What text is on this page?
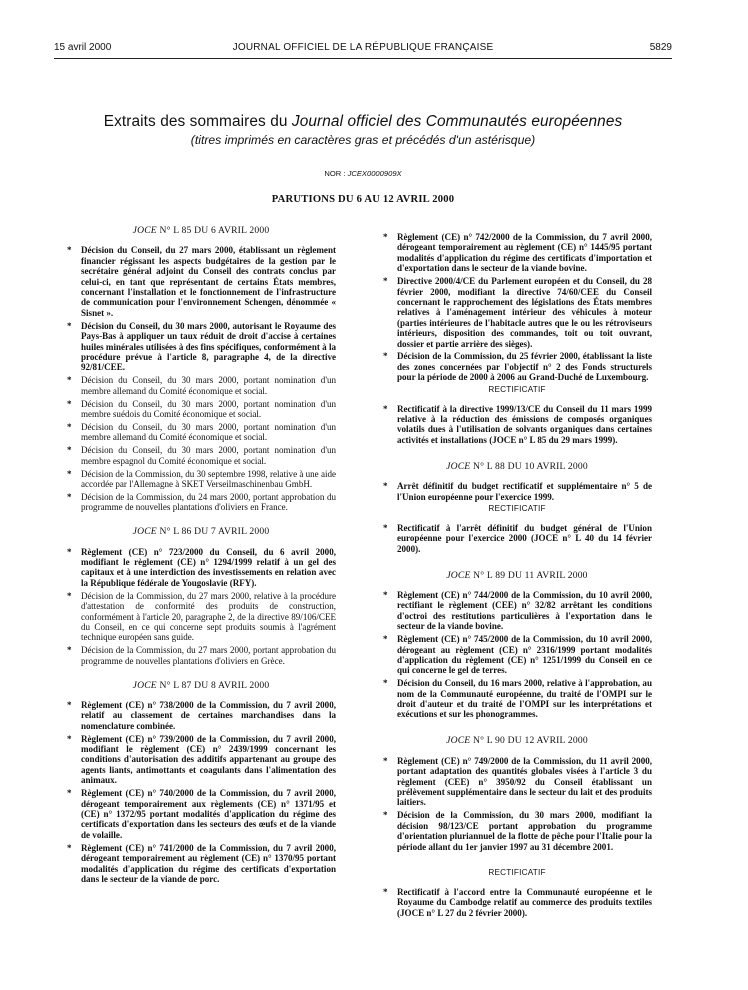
15 avril 2000	JOURNAL OFFICIEL DE LA RÉPUBLIQUE FRANÇAISE	5829
Extraits des sommaires du Journal officiel des Communautés européennes
(titres imprimés en caractères gras et précédés d'un astérisque)
NOR : JCEX0000909X
PARUTIONS DU 6 AU 12 AVRIL 2000
JOCE N° L 85 DU 6 AVRIL 2000
* Décision du Conseil, du 27 mars 2000, établissant un règlement financier régissant les aspects budgétaires de la gestion par le secrétaire général adjoint du Conseil des contrats conclus par celui-ci, en tant que représentant de certains États membres, concernant l'installation et le fonctionnement de l'infrastructure de communication pour l'environnement Schengen, dénommée « Sisnet ».
* Décision du Conseil, du 30 mars 2000, autorisant le Royaume des Pays-Bas à appliquer un taux réduit de droit d'accise à certaines huiles minérales utilisées à des fins spécifiques, conformément à la procédure prévue à l'article 8, paragraphe 4, de la directive 92/81/CEE.
* Décision du Conseil, du 30 mars 2000, portant nomination d'un membre allemand du Comité économique et social.
* Décision du Conseil, du 30 mars 2000, portant nomination d'un membre suédois du Comité économique et social.
* Décision du Conseil, du 30 mars 2000, portant nomination d'un membre allemand du Comité économique et social.
* Décision du Conseil, du 30 mars 2000, portant nomination d'un membre espagnol du Comité économique et social.
* Décision de la Commission, du 30 septembre 1998, relative à une aide accordée par l'Allemagne à SKET Verseilmaschinenbau GmbH.
* Décision de la Commission, du 24 mars 2000, portant approbation du programme de nouvelles plantations d'oliviers en France.
JOCE N° L 86 DU 7 AVRIL 2000
* Règlement (CE) n° 723/2000 du Conseil, du 6 avril 2000, modifiant le règlement (CE) n° 1294/1999 relatif à un gel des capitaux et à une interdiction des investissements en relation avec la République fédérale de Yougoslavie (RFY).
* Décision de la Commission, du 27 mars 2000, relative à la procédure d'attestation de conformité des produits de construction, conformément à l'article 20, paragraphe 2, de la directive 89/106/CEE du Conseil, en ce qui concerne sept produits soumis à l'agrément technique européen sans guide.
* Décision de la Commission, du 27 mars 2000, portant approbation du programme de nouvelles plantations d'oliviers en Grèce.
JOCE N° L 87 DU 8 AVRIL 2000
* Règlement (CE) n° 738/2000 de la Commission, du 7 avril 2000, relatif au classement de certaines marchandises dans la nomenclature combinée.
* Règlement (CE) n° 739/2000 de la Commission, du 7 avril 2000, modifiant le règlement (CE) n° 2439/1999 concernant les conditions d'autorisation des additifs appartenant au groupe des agents liants, antimottants et coagulants dans l'alimentation des animaux.
* Règlement (CE) n° 740/2000 de la Commission, du 7 avril 2000, dérogeant temporairement aux règlements (CE) n° 1371/95 et (CE) n° 1372/95 portant modalités d'application du régime des certificats d'exportation dans les secteurs des œufs et de la viande de volaille.
* Règlement (CE) n° 741/2000 de la Commission, du 7 avril 2000, dérogeant temporairement au règlement (CE) n° 1370/95 portant modalités d'application du régime des certificats d'exportation dans le secteur de la viande de porc.
* Règlement (CE) n° 742/2000 de la Commission, du 7 avril 2000, dérogeant temporairement au règlement (CE) n° 1445/95 portant modalités d'application du régime des certificats d'importation et d'exportation dans le secteur de la viande bovine.
* Directive 2000/4/CE du Parlement européen et du Conseil, du 28 février 2000, modifiant la directive 74/60/CEE du Conseil concernant le rapprochement des législations des États membres relatives à l'aménagement intérieur des véhicules à moteur (parties intérieures de l'habitacle autres que le ou les rétroviseurs intérieurs, disposition des commandes, toit ou toit ouvrant, dossier et partie arrière des sièges).
* Décision de la Commission, du 25 février 2000, établissant la liste des zones concernées par l'objectif n° 2 des Fonds structurels pour la période de 2000 à 2006 au Grand-Duché de Luxembourg.
RECTIFICATIF
* Rectificatif à la directive 1999/13/CE du Conseil du 11 mars 1999 relative à la réduction des émissions de composés organiques volatils dues à l'utilisation de solvants organiques dans certaines activités et installations (JOCE n° L 85 du 29 mars 1999).
JOCE N° L 88 DU 10 AVRIL 2000
* Arrêt définitif du budget rectificatif et supplémentaire n° 5 de l'Union européenne pour l'exercice 1999.
RECTIFICATIF
* Rectificatif à l'arrêt définitif du budget général de l'Union européenne pour l'exercice 2000 (JOCE n° L 40 du 14 février 2000).
JOCE N° L 89 DU 11 AVRIL 2000
* Règlement (CE) n° 744/2000 de la Commission, du 10 avril 2000, rectifiant le règlement (CEE) n° 32/82 arrêtant les conditions d'octroi des restitutions particulières à l'exportation dans le secteur de la viande bovine.
* Règlement (CE) n° 745/2000 de la Commission, du 10 avril 2000, dérogeant au règlement (CE) n° 2316/1999 portant modalités d'application du règlement (CE) n° 1251/1999 du Conseil en ce qui concerne le gel de terres.
* Décision du Conseil, du 16 mars 2000, relative à l'approbation, au nom de la Communauté européenne, du traité de l'OMPI sur le droit d'auteur et du traité de l'OMPI sur les interprétations et exécutions et sur les phonogrammes.
JOCE N° L 90 DU 12 AVRIL 2000
* Règlement (CE) n° 749/2000 de la Commission, du 11 avril 2000, portant adaptation des quantités globales visées à l'article 3 du règlement (CEE) n° 3950/92 du Conseil établissant un prélèvement supplémentaire dans le secteur du lait et des produits laitiers.
* Décision de la Commission, du 30 mars 2000, modifiant la décision 98/123/CE portant approbation du programme d'orientation pluriannuel de la flotte de pêche pour l'Italie pour la période allant du 1er janvier 1997 au 31 décembre 2001.
RECTIFICATIF
* Rectificatif à l'accord entre la Communauté européenne et le Royaume du Cambodge relatif au commerce des produits textiles (JOCE n° L 27 du 2 février 2000).
